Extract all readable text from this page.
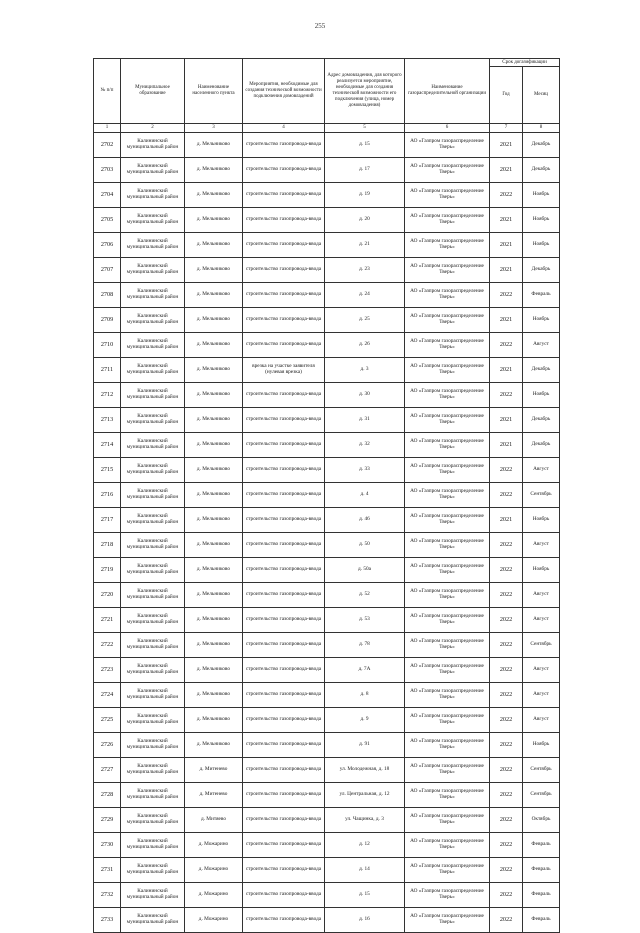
255
№ п/п	Муниципальное образование	Наименование населенного пункта	Мероприятия, необходимые для создания технической возможности подключения домовладений	Адрес домовладения, для которого реализуется мероприятие, необходимые для создания технической возможности его подключения (улица, номер домовладения)	Наименование газораспределительной организации	Срок догазификации	
						Год	Месяц
1	2	3	4	5	6	7	8
2702	Калининский муниципальный район	д. Мельниково	строительство газопровода-ввода	д. 15	АО «Газпром газораспределение Тверь»	2021	Декабрь
2703	Калининский муниципальный район	д. Мельниково	строительство газопровода-ввода	д. 17	АО «Газпром газораспределение Тверь»	2021	Декабрь
2704	Калининский муниципальный район	д. Мельниково	строительство газопровода-ввода	д. 19	АО «Газпром газораспределение Тверь»	2022	Ноябрь
2705	Калининский муниципальный район	д. Мельниково	строительство газопровода-ввода	д. 20	АО «Газпром газораспределение Тверь»	2021	Ноябрь
2706	Калининский муниципальный район	д. Мельниково	строительство газопровода-ввода	д. 21	АО «Газпром газораспределение Тверь»	2021	Ноябрь
2707	Калининский муниципальный район	д. Мельниково	строительство газопровода-ввода	д. 23	АО «Газпром газораспределение Тверь»	2021	Декабрь
2708	Калининский муниципальный район	д. Мельниково	строительство газопровода-ввода	д. 24	АО «Газпром газораспределение Тверь»	2022	Февраль
2709	Калининский муниципальный район	д. Мельниково	строительство газопровода-ввода	д. 25	АО «Газпром газораспределение Тверь»	2021	Ноябрь
2710	Калининский муниципальный район	д. Мельниково	строительство газопровода-ввода	д. 26	АО «Газпром газораспределение Тверь»	2022	Август
2711	Калининский муниципальный район	д. Мельниково	врезка на участке заявителя (нулевая врезка)	д. 3	АО «Газпром газораспределение Тверь»	2021	Декабрь
2712	Калининский муниципальный район	д. Мельниково	строительство газопровода-ввода	д. 30	АО «Газпром газораспределение Тверь»	2022	Ноябрь
2713	Калининский муниципальный район	д. Мельниково	строительство газопровода-ввода	д. 31	АО «Газпром газораспределение Тверь»	2021	Декабрь
2714	Калининский муниципальный район	д. Мельниково	строительство газопровода-ввода	д. 32	АО «Газпром газораспределение Тверь»	2021	Декабрь
2715	Калининский муниципальный район	д. Мельниково	строительство газопровода-ввода	д. 33	АО «Газпром газораспределение Тверь»	2022	Август
2716	Калининский муниципальный район	д. Мельниково	строительство газопровода-ввода	д. 4	АО «Газпром газораспределение Тверь»	2022	Сентябрь
2717	Калининский муниципальный район	д. Мельниково	строительство газопровода-ввода	д. 46	АО «Газпром газораспределение Тверь»	2021	Ноябрь
2718	Калининский муниципальный район	д. Мельниково	строительство газопровода-ввода	д. 50	АО «Газпром газораспределение Тверь»	2022	Август
2719	Калининский муниципальный район	д. Мельниково	строительство газопровода-ввода	д. 50а	АО «Газпром газораспределение Тверь»	2022	Ноябрь
2720	Калининский муниципальный район	д. Мельниково	строительство газопровода-ввода	д. 52	АО «Газпром газораспределение Тверь»	2022	Август
2721	Калининский муниципальный район	д. Мельниково	строительство газопровода-ввода	д. 53	АО «Газпром газораспределение Тверь»	2022	Август
2722	Калининский муниципальный район	д. Мельниково	строительство газопровода-ввода	д. 78	АО «Газпром газораспределение Тверь»	2022	Сентябрь
2723	Калининский муниципальный район	д. Мельниково	строительство газопровода-ввода	д. 7А	АО «Газпром газораспределение Тверь»	2022	Август
2724	Калининский муниципальный район	д. Мельниково	строительство газопровода-ввода	д. 8	АО «Газпром газораспределение Тверь»	2022	Август
2725	Калининский муниципальный район	д. Мельниково	строительство газопровода-ввода	д. 9	АО «Газпром газораспределение Тверь»	2022	Август
2726	Калининский муниципальный район	д. Мельниково	строительство газопровода-ввода	д. 91	АО «Газпром газораспределение Тверь»	2022	Ноябрь
2727	Калининский муниципальный район	д. Митенево	строительство газопровода-ввода	ул. Молодежная, д. 18	АО «Газпром газораспределение Тверь»	2022	Сентябрь
2728	Калининский муниципальный район	д. Митенево	строительство газопровода-ввода	ул. Центральная, д. 12	АО «Газпром газораспределение Тверь»	2022	Сентябрь
2729	Калининский муниципальный район	д. Митяево	строительство газопровода-ввода	ул. Чащинка, д. 3	АО «Газпром газораспределение Тверь»	2022	Октябрь
2730	Калининский муниципальный район	д. Можарино	строительство газопровода-ввода	д. 12	АО «Газпром газораспределение Тверь»	2022	Февраль
2731	Калининский муниципальный район	д. Можарино	строительство газопровода-ввода	д. 14	АО «Газпром газораспределение Тверь»	2022	Февраль
2732	Калининский муниципальный район	д. Можарино	строительство газопровода-ввода	д. 15	АО «Газпром газораспределение Тверь»	2022	Февраль
2733	Калининский муниципальный район	д. Можарино	строительство газопровода-ввода	д. 16	АО «Газпром газораспределение Тверь»	2022	Февраль
